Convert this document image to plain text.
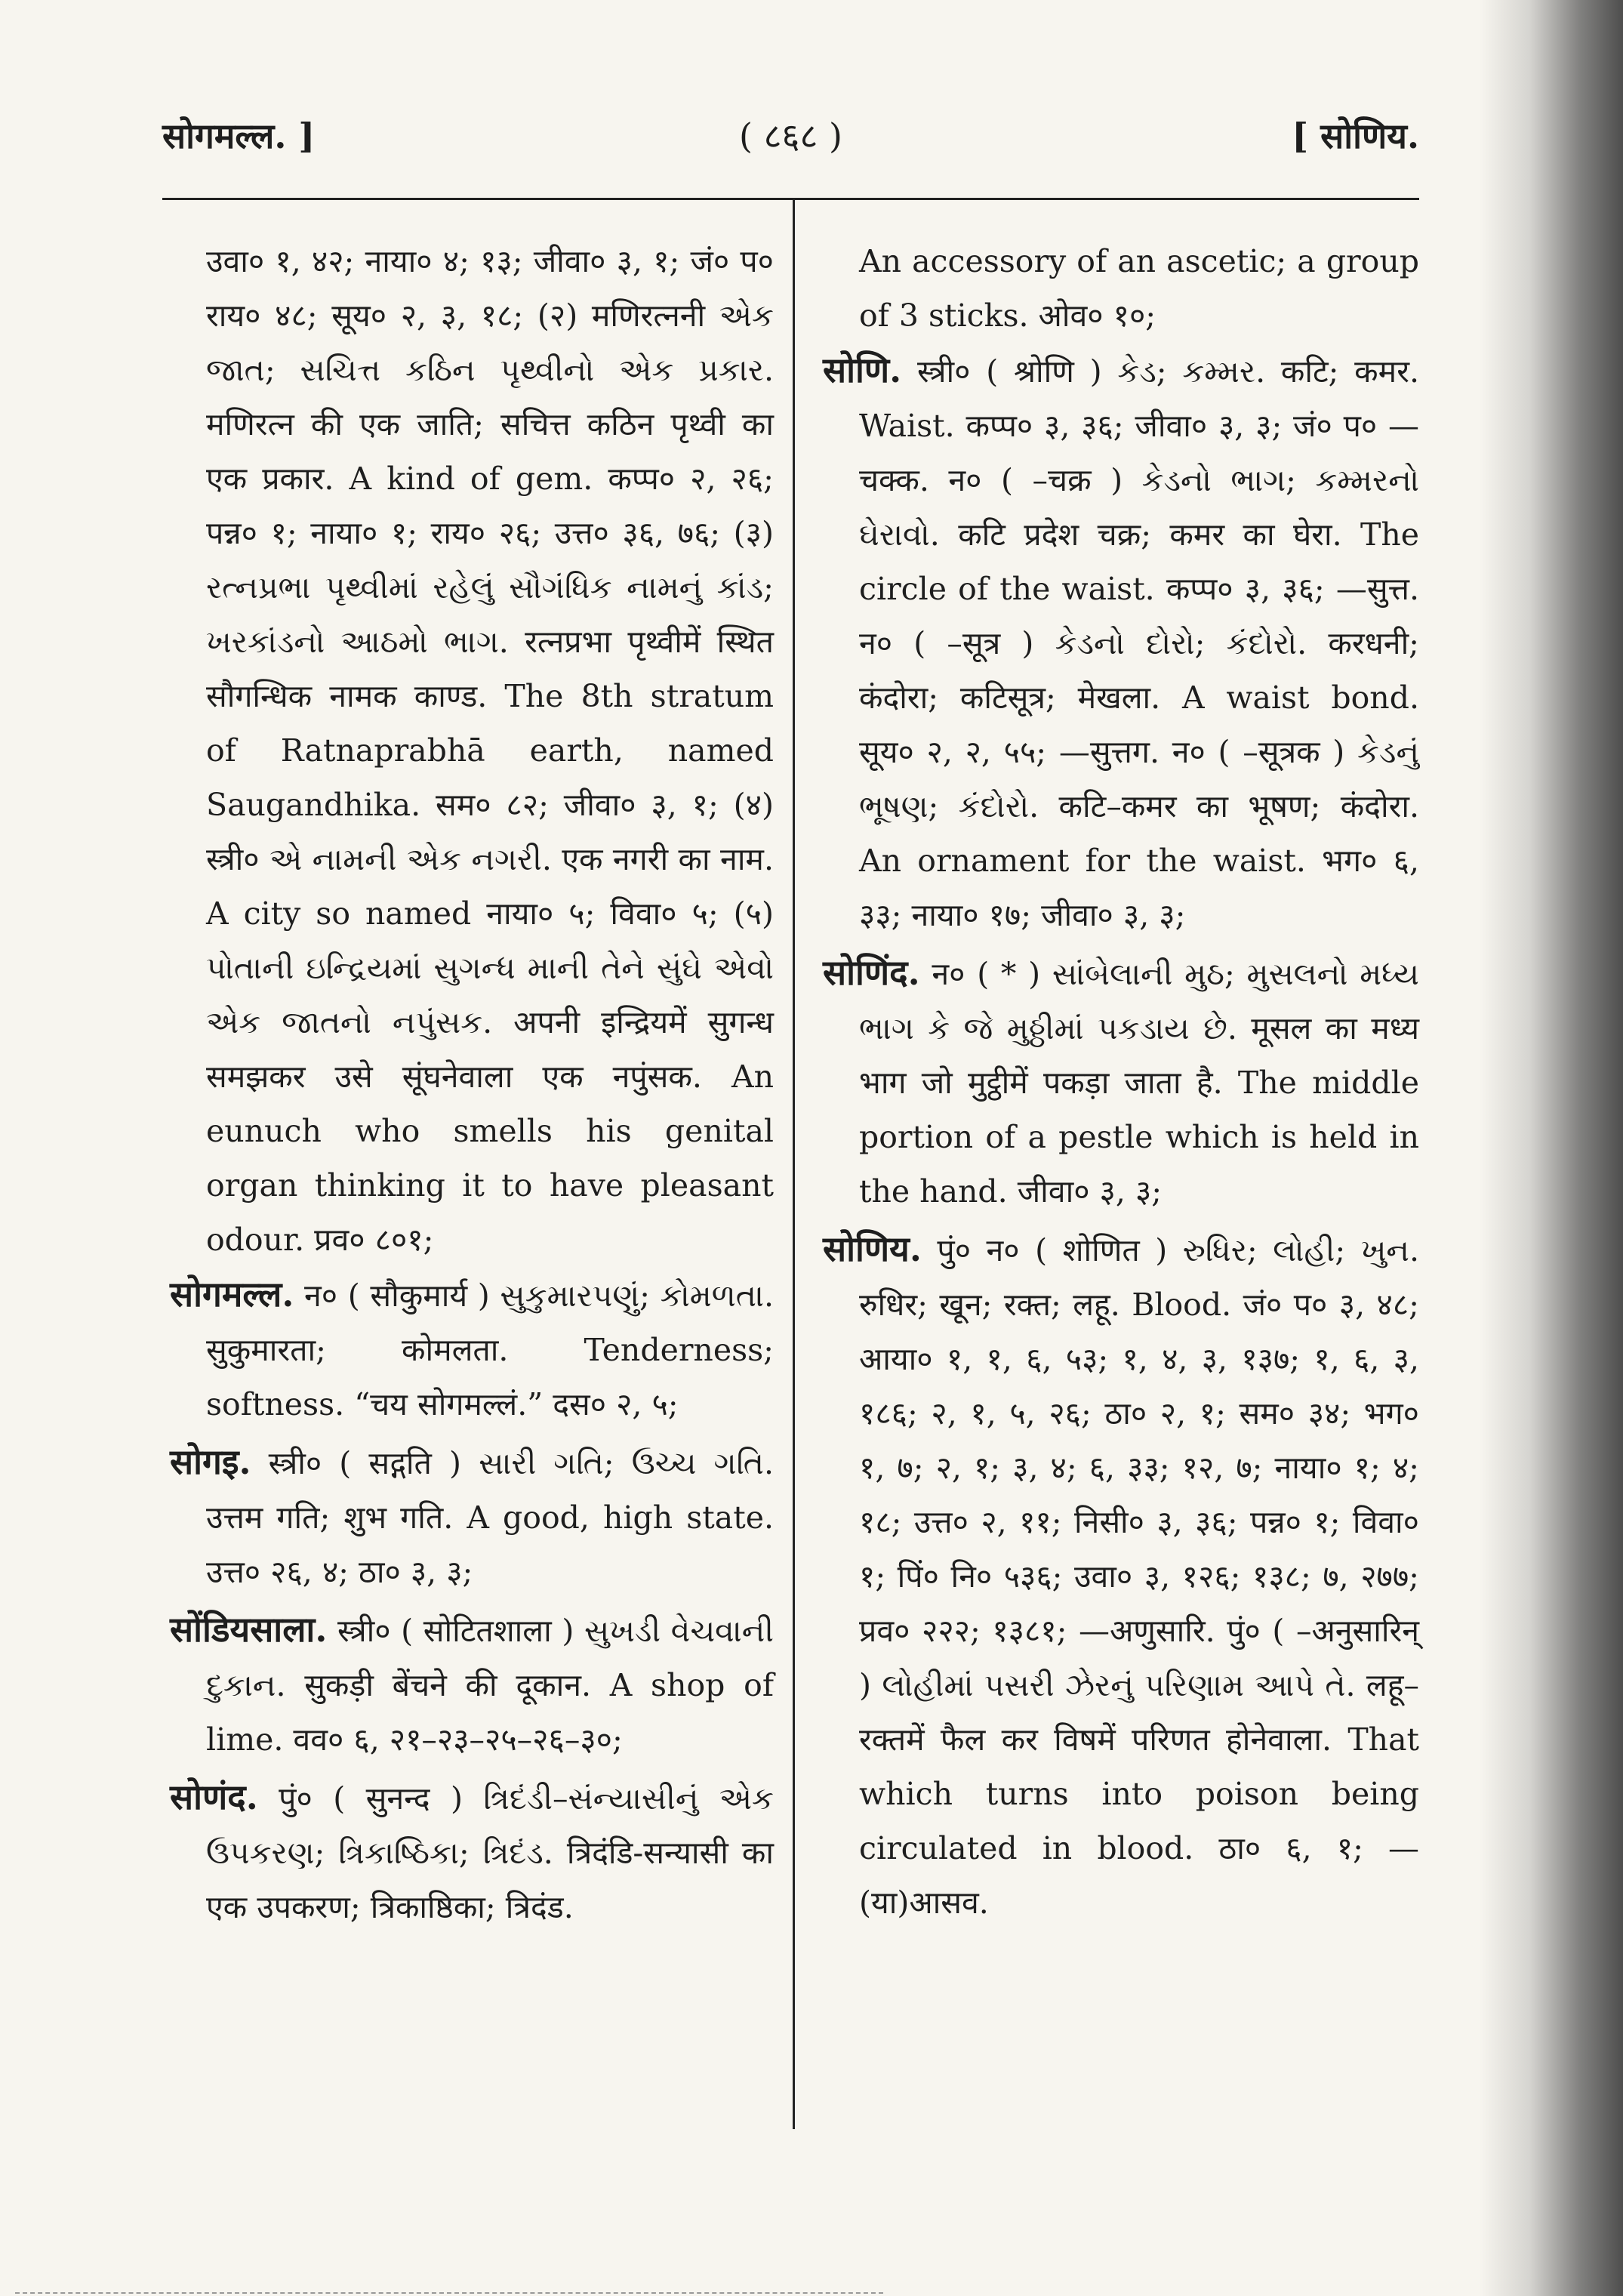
सोगमल्ल. ]	( ८६८ )	[ सोणिय.

उवा० १, ४२; नाया० ४; १३; जीवा० ३, १; जं० प० राय० ४८; सूय० २, ३, १८; (२) मणिरत्ननी એક જાત; સચિત્ત કઠિન પૃથ્વીનો એક પ્રકાર. मणिरत्न की एक जाति; सचित्त कठिन पृथ्वी का एक प्रकार. A kind of gem. कप्प० २, २६; पन्न० १; नाया० १; राय० २६; उत्त० ३६, ७६; (३) રત્નપ્રભા પૃથ્વીમાં રહેલું સૌગંધિક નામનું કાંડ; ખરકાંડનો આઠમો ભાગ. रत्नप्रभा पृथ्वीमें स्थित सौगन्धिक नामक काण्ड. The 8th stratum of Ratnaprabhā earth, named Saugandhika. सम० ८२; जीवा० ३, १; (४) स्त्री० એ નામની એક નગરી. एक नगरी का नाम. A city so named नाया० ५; विवा० ५; (५) પોતાની ઇન્દ્રિયમાં સુગન્ધ માની તેને સુંઘે એવો એક જાતનો નપુંસક. अपनी इन्द्रियमें सुगन्ध समझकर उसे सूंघनेवाला एक नपुंसक. An eunuch who smells his genital organ thinking it to have pleasant odour. प्रव० ८०१;

सोगमल्ल. न० ( सौकुमार्य ) સુકુમારપણું; કોમળતા. सुकुमारता; कोमलता. Tenderness; softness. “चय सोगमल्लं.” दस० २, ५;

सोगइ. स्त्री० ( सद्गति ) સારી ગતિ; ઉચ્ચ ગતિ. उत्तम गति; शुभ गति. A good, high state. उत्त० २६, ४; ठा० ३, ३;

सोंडियसाला. स्त्री० ( सोटितशाला ) સુખડી વેચવાની દુકાન. सुकड़ी बेंचने की दूकान. A shop of lime. वव० ६, २१–२३–२५–२६–३०;

सोणंद. पुं० ( सुनन्द ) ત્રિદંડી–સંન્યાસીનું એક ઉપકરણ; ત્રિકાષ્ઠિકા; ત્રિદંડ. त्रिदंडि-सन्यासी का एक उपकरण; त्रिकाष्ठिका; त्रिदंड.

An accessory of an ascetic; a group of 3 sticks. ओव० १०;

सोणि. स्त्री० ( श्रोणि ) કેડ; કમ્મર. कटि; कमर. Waist. कप्प० ३, ३६; जीवा० ३, ३; जं० प० —चक्क. न० ( –चक्र ) કેડનો ભાગ; કમ્મરનો ઘેરાવો. कटि प्रदेश चक्र; कमर का घेरा. The circle of the waist. कप्प० ३, ३६; —सुत्त. न० ( –सूत्र ) કેડનો દોરો; કંદોરો. करधनी; कंदोरा; कटिसूत्र; मेखला. A waist bond. सूय० २, २, ५५; —सुत्तग. न० ( –सूत्रक ) કેડનું ભૂષણ; કંદોરો. कटि–कमर का भूषण; कंदोरा. An ornament for the waist. भग० ६, ३३; नाया० १७; जीवा० ३, ३;

सोणिंद. न० ( * ) સાંબેલાની મુઠ; મુસલનો મધ્ય ભાગ કે જે મુઠ્ઠીમાં પકડાય છે. मूसल का मध्य भाग जो मुट्ठीमें पकड़ा जाता है. The middle portion of a pestle which is held in the hand. जीवा० ३, ३;

सोणिय. पुं० न० ( शोणित ) રુધિર; લોહી; ખુન. रुधिर; खून; रक्त; लहू. Blood. जं० प० ३, ४८; आया० १, १, ६, ५३; १, ४, ३, १३७; १, ६, ३, १८६; २, १, ५, २६; ठा० २, १; सम० ३४; भग० १, ७; २, १; ३, ४; ६, ३३; १२, ७; नाया० १; ४; १८; उत्त० २, ११; निसी० ३, ३६; पन्न० १; विवा० १; पिं० नि० ५३६; उवा० ३, १२६; १३८; ७, २७७; प्रव० २२२; १३८१; —अणुसारि. पुं० ( –अनुसारिन् ) લોહીમાં પસરી ઝેરનું પરિણામ આપે તે. लहू–रक्तमें फैल कर विषमें परिणत होनेवाला. That which turns into poison being circulated in blood. ठा० ६, १; —(या)आसव.
